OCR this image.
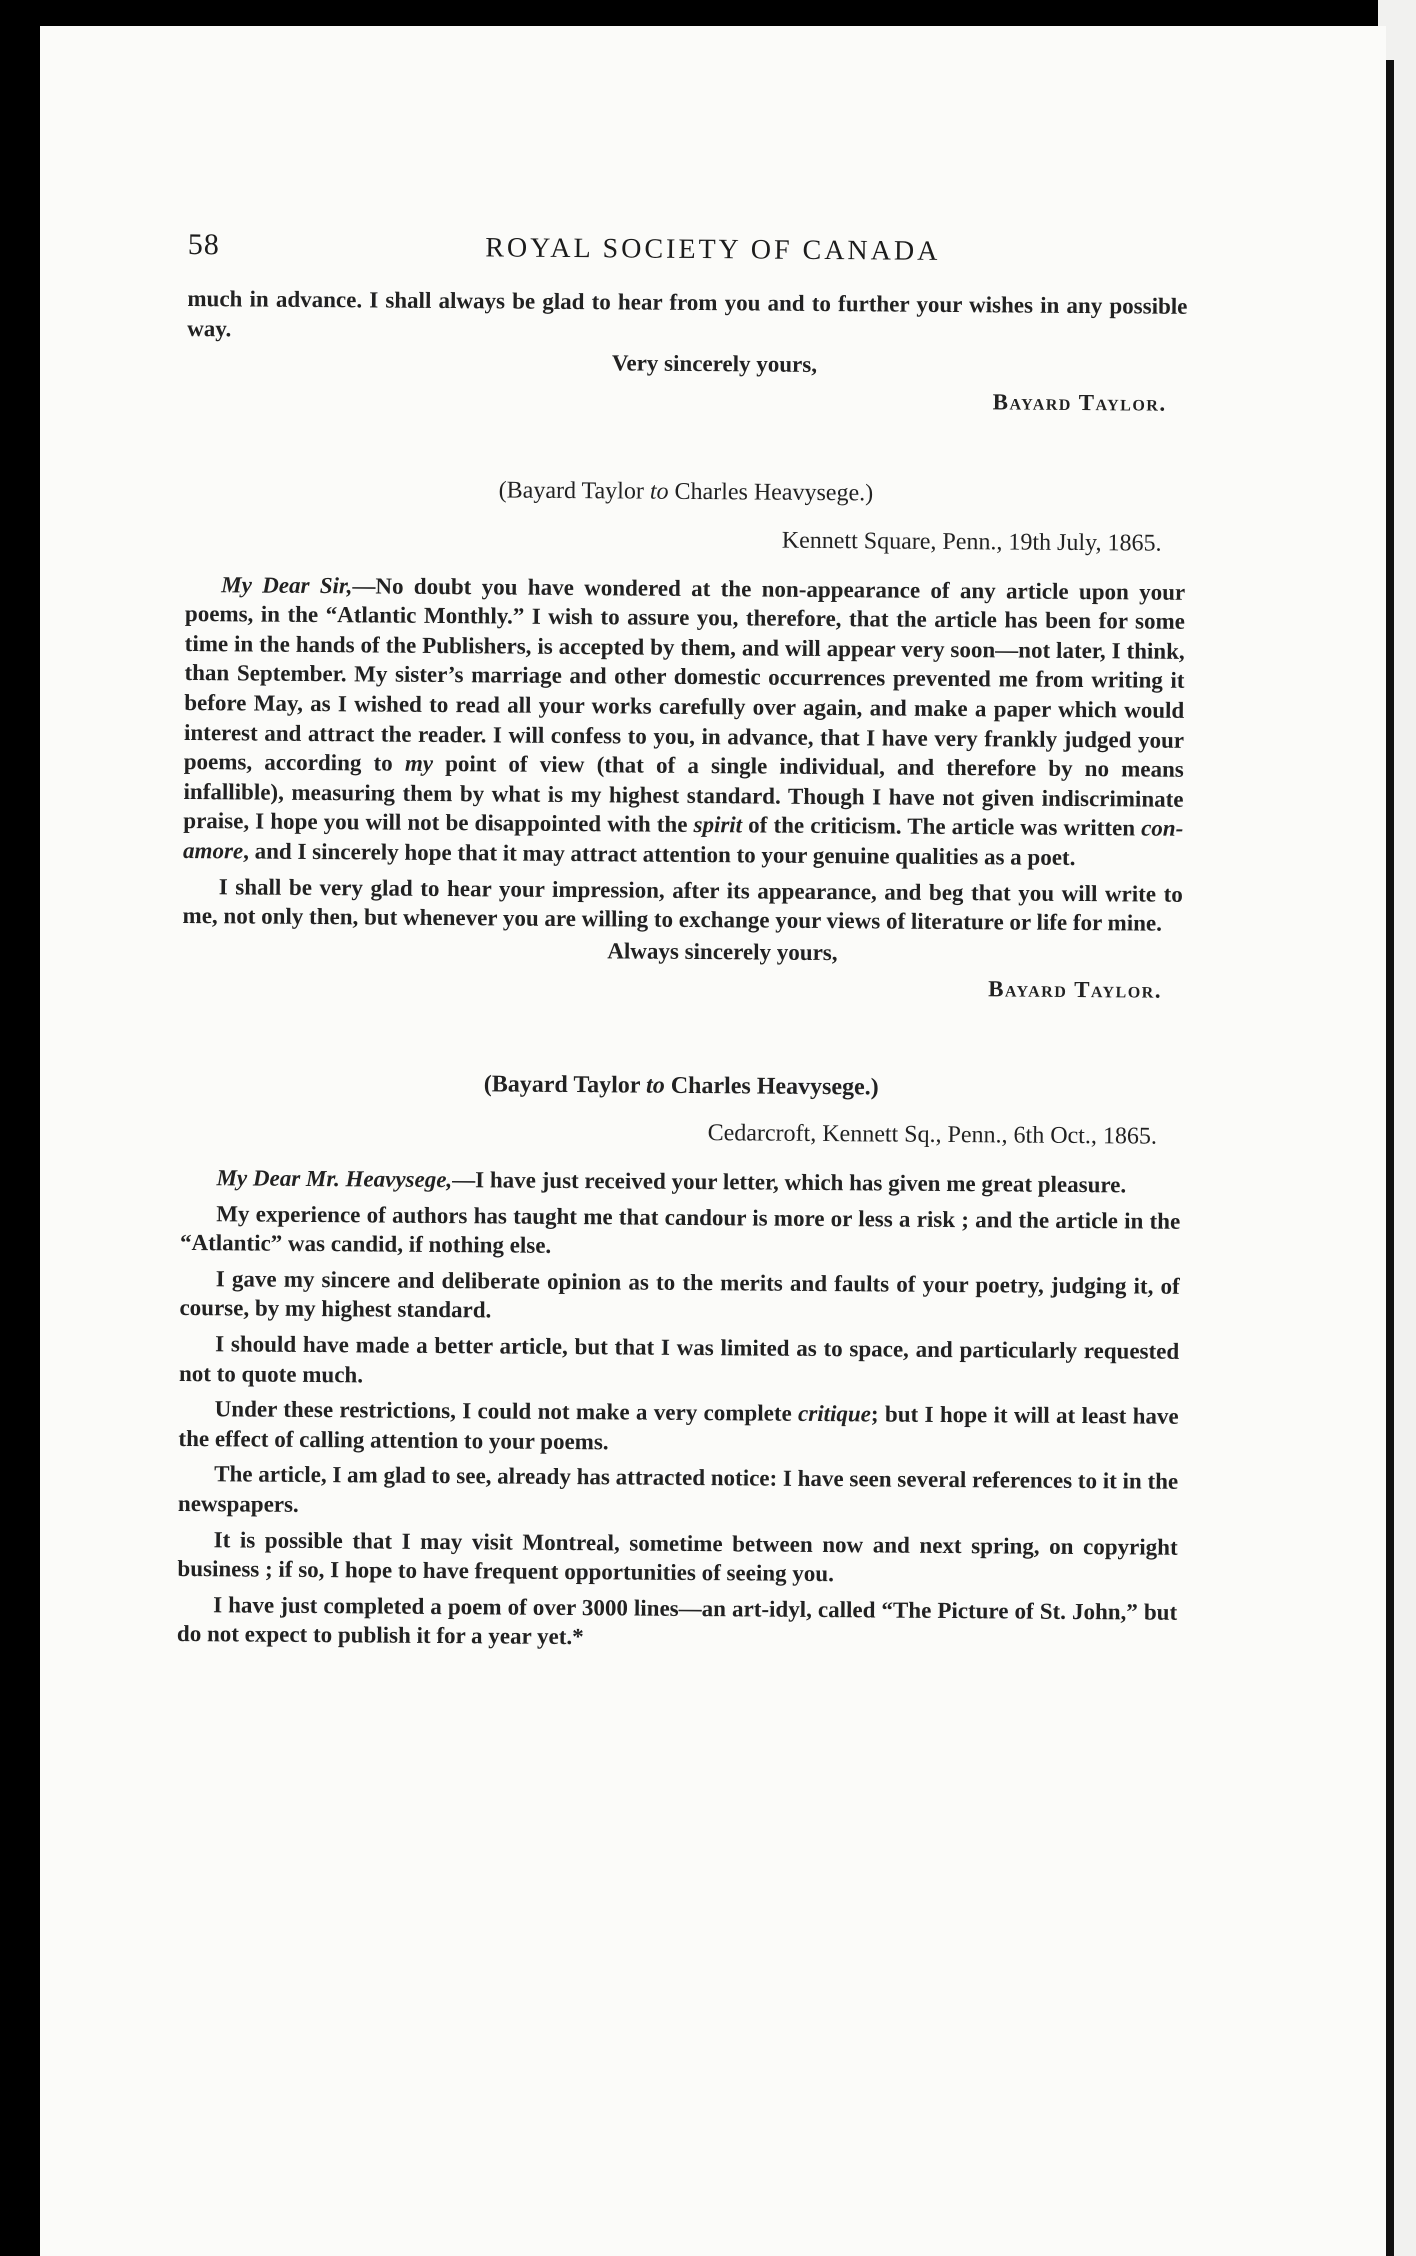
58	ROYAL SOCIETY OF CANADA

much in advance. I shall always be glad to hear from you and to further your wishes in any possible way.

Very sincerely yours,

Bayard Taylor.

(Bayard Taylor to Charles Heavysege.)

Kennett Square, Penn., 19th July, 1865.

My Dear Sir,—No doubt you have wondered at the non-appearance of any article upon your poems, in the “Atlantic Monthly.” I wish to assure you, therefore, that the article has been for some time in the hands of the Publishers, is accepted by them, and will appear very soon—not later, I think, than September. My sister’s marriage and other domestic occurrences prevented me from writing it before May, as I wished to read all your works carefully over again, and make a paper which would interest and attract the reader. I will confess to you, in advance, that I have very frankly judged your poems, according to my point of view (that of a single individual, and therefore by no means infallible), measuring them by what is my highest standard. Though I have not given indiscriminate praise, I hope you will not be disappointed with the spirit of the criticism. The article was written con-amore, and I sincerely hope that it may attract attention to your genuine qualities as a poet.

I shall be very glad to hear your impression, after its appearance, and beg that you will write to me, not only then, but whenever you are willing to exchange your views of literature or life for mine.

Always sincerely yours,

Bayard Taylor.

(Bayard Taylor to Charles Heavysege.)

Cedarcroft, Kennett Sq., Penn., 6th Oct., 1865.

My Dear Mr. Heavysege,—I have just received your letter, which has given me great pleasure.

My experience of authors has taught me that candour is more or less a risk ; and the article in the “Atlantic” was candid, if nothing else.

I gave my sincere and deliberate opinion as to the merits and faults of your poetry, judging it, of course, by my highest standard.

I should have made a better article, but that I was limited as to space, and particularly requested not to quote much.

Under these restrictions, I could not make a very complete critique; but I hope it will at least have the effect of calling attention to your poems.

The article, I am glad to see, already has attracted notice: I have seen several references to it in the newspapers.

It is possible that I may visit Montreal, sometime between now and next spring, on copyright business ; if so, I hope to have frequent opportunities of seeing you.

I have just completed a poem of over 3000 lines—an art-idyl, called “The Picture of St. John,” but do not expect to publish it for a year yet.*
